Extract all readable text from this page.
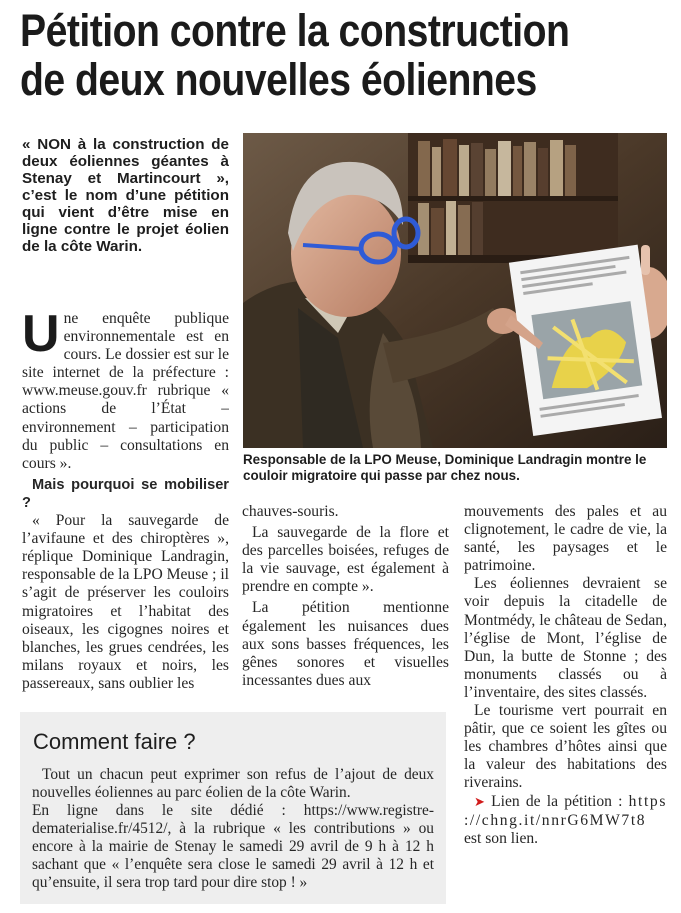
Pétition contre la construction
de deux nouvelles éoliennes
« NON à la construction de deux éoliennes géantes à Stenay et Martincourt », c’est le nom d’une pétition qui vient d’être mise en ligne contre le projet éolien de la côte Warin.
Responsable de la LPO Meuse, Dominique Landragin montre le couloir migratoire qui passe par chez nous.

Une enquête publique environnementale est en cours. Le dossier est sur le site internet de la préfecture : www.meuse.gouv.fr rubrique « actions de l’État – environnement – participation du public – consultations en cours ».

Mais pourquoi se mobiliser ?

« Pour la sauvegarde de l’avifaune et des chiroptères », réplique Dominique Landragin, responsable de la LPO Meuse ; il s’agit de préserver les couloirs migratoires et l’habitat des oiseaux, les cigognes noires et blanches, les grues cendrées, les milans royaux et noirs, les passereaux, sans oublier les

chauves-souris.

La sauvegarde de la flore et des parcelles boisées, refuges de la vie sauvage, est également à prendre en compte ».

La pétition mentionne également les nuisances dues aux sons basses fréquences, les gênes sonores et visuelles incessantes dues aux

mouvements des pales et au clignotement, le cadre de vie, la santé, les paysages et le patrimoine.

Les éoliennes devraient se voir depuis la citadelle de Montmédy, le château de Sedan, l’église de Mont, l’église de Dun, la butte de Stonne ; des monuments classés ou à l’inventaire, des sites classés.

Le tourisme vert pourrait en pâtir, que ce soient les gîtes ou les chambres d’hôtes ainsi que la valeur des habitations des riverains.

➤ Lien de la pétition : https ://chng.it/nnrG6MW7t8 est son lien.

Comment faire ?

Tout un chacun peut exprimer son refus de l’ajout de deux nouvelles éoliennes au parc éolien de la côte Warin.

En ligne dans le site dédié : https://www.registre-dematerialise.fr/4512/, à la rubrique « les contributions » ou encore à la mairie de Stenay le samedi 29 avril de 9 h à 12 h sachant que « l’enquête sera close le samedi 29 avril à 12 h et qu’ensuite, il sera trop tard pour dire stop ! »
